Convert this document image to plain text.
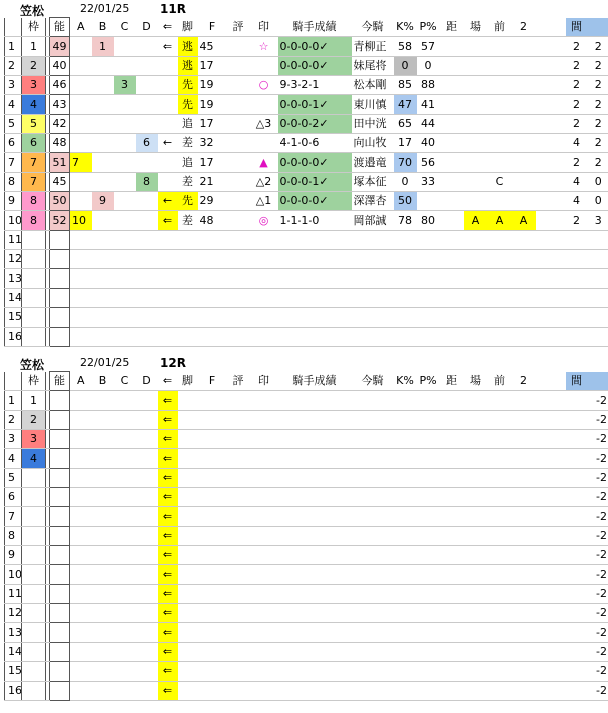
笠松	22/01/25	11R
	枠		能	A	B	C	D	⇐	脚	F	評	印	騎手成績	今騎	K%	P%	距	場	前	2		間	
1	1		49		1			⇐	逃	45		☆	0-0-0-0✓	青柳正	58	57						2	2
2	2		40						逃	17			0-0-0-0✓	妹尾将	0	0						2	2
3	3		46			3			先	19		○	9-3-2-1	松本剛	85	88						2	2
4	4		43						先	19			0-0-0-1✓	東川慎	47	41						2	2
5	5		42						追	17		△3	0-0-0-2✓	田中洸	65	44						2	2
6	6		48				6	←	差	32			4-1-0-6	向山牧	17	40						4	2
7	7		51	7					追	17		▲	0-0-0-0✓	渡邉竜	70	56						2	2
8	7		45				8		差	21		△2	0-0-0-1✓	塚本征	0	33			C			4	0
9	8		50		9			←	先	29		△1	0-0-0-0✓	深澤杏	50							4	0
10	8		52	10				⇐	差	48		◎	1-1-1-0	岡部誠	78	80		A	A	A		2	3
11																							
12																							
13																							
14																							
15																							
16																							
笠松	22/01/25	12R
	枠		能	A	B	C	D	⇐	脚	F	評	印	騎手成績	今騎	K%	P%	距	場	前	2		間	
1	1							⇐															-2
2	2							⇐															-2
3	3							⇐															-2
4	4							⇐															-2
5								⇐															-2
6								⇐															-2
7								⇐															-2
8								⇐															-2
9								⇐															-2
10								⇐															-2
11								⇐															-2
12								⇐															-2
13								⇐															-2
14								⇐															-2
15								⇐															-2
16								⇐															-2
